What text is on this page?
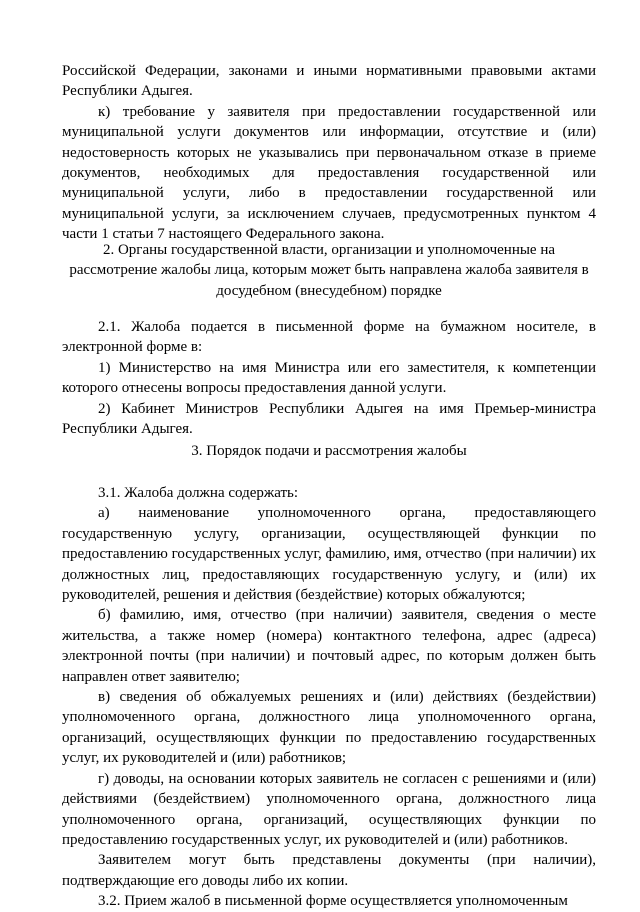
Российской Федерации, законами и иными нормативными правовыми актами Республики Адыгея.

к) требование у заявителя при предоставлении государственной или муниципальной услуги документов или информации, отсутствие и (или) недостоверность которых не указывались при первоначальном отказе в приеме документов, необходимых для предоставления государственной или муниципальной услуги, либо в предоставлении государственной или муниципальной услуги, за исключением случаев, предусмотренных пунктом 4 части 1 статьи 7 настоящего Федерального закона.

2. Органы государственной власти, организации и уполномоченные на
рассмотрение жалобы лица, которым может быть направлена жалоба заявителя в
досудебном (внесудебном) порядке

2.1. Жалоба подается в письменной форме на бумажном носителе, в электронной форме в:

1) Министерство на имя Министра или его заместителя, к компетенции которого отнесены вопросы предоставления данной услуги.

2) Кабинет Министров Республики Адыгея на имя Премьер-министра Республики Адыгея.

3. Порядок подачи и рассмотрения жалобы

3.1. Жалоба должна содержать:

а) наименование уполномоченного органа, предоставляющего государственную услугу, организации, осуществляющей функции по предоставлению государственных услуг, фамилию, имя, отчество (при наличии) их должностных лиц, предоставляющих государственную услугу, и (или) их руководителей, решения и действия (бездействие) которых обжалуются;

б) фамилию, имя, отчество (при наличии) заявителя, сведения о месте жительства, а также номер (номера) контактного телефона, адрес (адреса) электронной почты (при наличии) и почтовый адрес, по которым должен быть направлен ответ заявителю;

в) сведения об обжалуемых решениях и (или) действиях (бездействии) уполномоченного органа, должностного лица уполномоченного органа, организаций, осуществляющих функции по предоставлению государственных услуг, их руководителей и (или) работников;

г) доводы, на основании которых заявитель не согласен с решениями и (или) действиями (бездействием) уполномоченного органа, должностного лица уполномоченного органа, организаций, осуществляющих функции по предоставлению государственных услуг, их руководителей и (или) работников.

Заявителем могут быть представлены документы (при наличии), подтверждающие его доводы либо их копии.

3.2. Прием жалоб в письменной форме осуществляется уполномоченным
